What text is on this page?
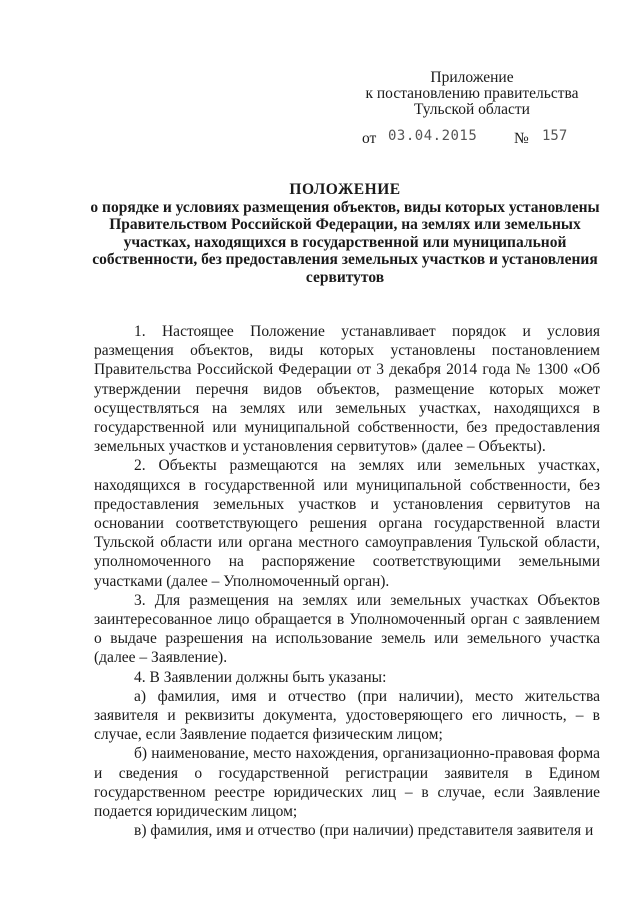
Приложение
к постановлению правительства
Тульской области
от 03.04.2015 № 157
ПОЛОЖЕНИЕ
о порядке и условиях размещения объектов, виды которых установлены Правительством Российской Федерации, на землях или земельных участках, находящихся в государственной или муниципальной собственности, без предоставления земельных участков и установления сервитутов

1. Настоящее Положение устанавливает порядок и условия размещения объектов, виды которых установлены постановлением Правительства Российской Федерации от 3 декабря 2014 года № 1300 «Об утверждении перечня видов объектов, размещение которых может осуществляться на землях или земельных участках, находящихся в государственной или муниципальной собственности, без предоставления земельных участков и установления сервитутов» (далее – Объекты).

2. Объекты размещаются на землях или земельных участках, находящихся в государственной или муниципальной собственности, без предоставления земельных участков и установления сервитутов на основании соответствующего решения органа государственной власти Тульской области или органа местного самоуправления Тульской области, уполномоченного на распоряжение соответствующими земельными участками (далее – Уполномоченный орган).

3. Для размещения на землях или земельных участках Объектов заинтересованное лицо обращается в Уполномоченный орган с заявлением о выдаче разрешения на использование земель или земельного участка (далее – Заявление).

4. В Заявлении должны быть указаны:

а) фамилия, имя и отчество (при наличии), место жительства заявителя и реквизиты документа, удостоверяющего его личность, – в случае, если Заявление подается физическим лицом;

б) наименование, место нахождения, организационно-правовая форма и сведения о государственной регистрации заявителя в Едином государственном реестре юридических лиц – в случае, если Заявление подается юридическим лицом;

в) фамилия, имя и отчество (при наличии) представителя заявителя и
